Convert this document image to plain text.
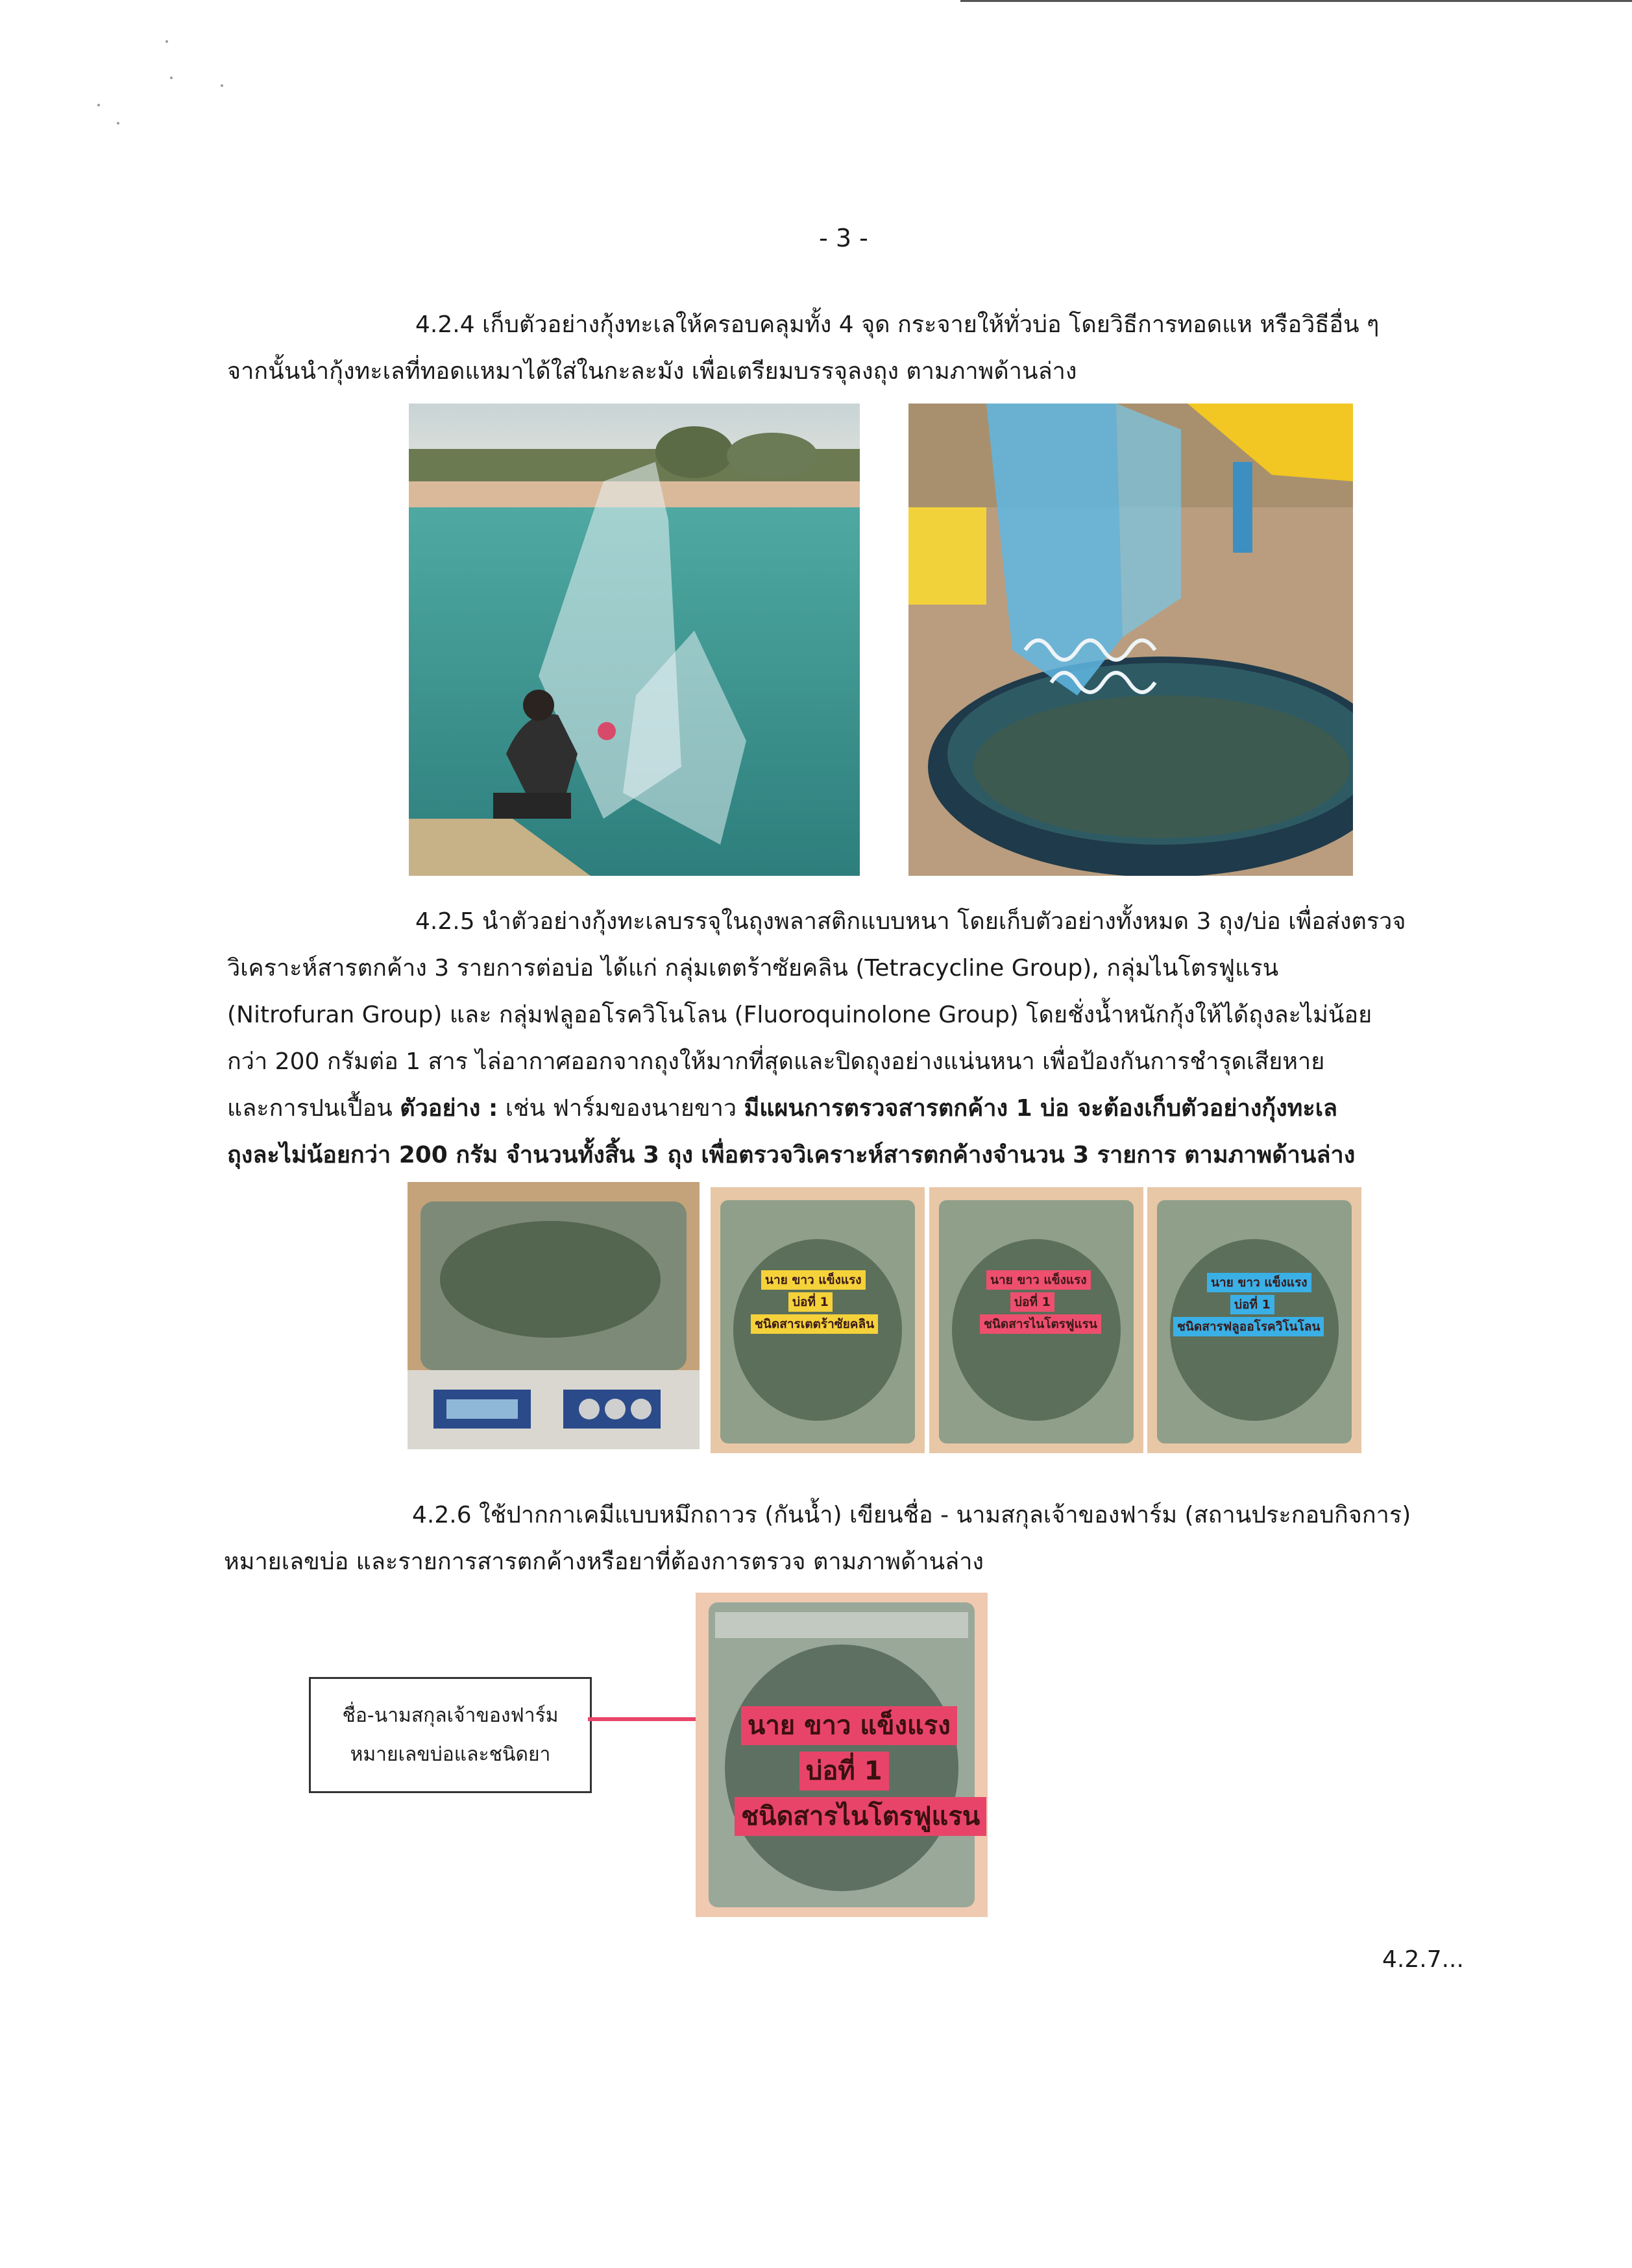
- 3 -

4.2.4 เก็บตัวอย่างกุ้งทะเลให้ครอบคลุมทั้ง 4 จุด กระจายให้ทั่วบ่อ โดยวิธีการทอดแห หรือวิธีอื่น ๆ

จากนั้นนำกุ้งทะเลที่ทอดแหมาได้ใส่ในกะละมัง เพื่อเตรียมบรรจุลงถุง ตามภาพด้านล่าง

4.2.5 นำตัวอย่างกุ้งทะเลบรรจุในถุงพลาสติกแบบหนา โดยเก็บตัวอย่างทั้งหมด 3 ถุง/บ่อ เพื่อส่งตรวจ

วิเคราะห์สารตกค้าง 3 รายการต่อบ่อ ได้แก่ กลุ่มเตตร้าซัยคลิน (Tetracycline Group), กลุ่มไนโตรฟูแรน

(Nitrofuran Group) และ กลุ่มฟลูออโรควิโนโลน (Fluoroquinolone Group) โดยชั่งน้ำหนักกุ้งให้ได้ถุงละไม่น้อย

กว่า 200 กรัมต่อ 1 สาร ไล่อากาศออกจากถุงให้มากที่สุดและปิดถุงอย่างแน่นหนา เพื่อป้องกันการชำรุดเสียหาย

และการปนเปื้อน ตัวอย่าง : เช่น ฟาร์มของนายขาว มีแผนการตรวจสารตกค้าง 1 บ่อ จะต้องเก็บตัวอย่างกุ้งทะเล

ถุงละไม่น้อยกว่า 200 กรัม จำนวนทั้งสิ้น 3 ถุง เพื่อตรวจวิเคราะห์สารตกค้างจำนวน 3 รายการ ตามภาพด้านล่าง

นาย ขาว แข็งแรง
บ่อที่ 1
ชนิดสารเตตร้าซัยคลิน
นาย ขาว แข็งแรง
บ่อที่ 1
ชนิดสารไนโตรฟูแรน
นาย ขาว แข็งแรง
บ่อที่ 1
ชนิดสารฟลูออโรควิโนโลน

4.2.6 ใช้ปากกาเคมีแบบหมึกถาวร (กันน้ำ) เขียนชื่อ - นามสกุลเจ้าของฟาร์ม (สถานประกอบกิจการ)

หมายเลขบ่อ และรายการสารตกค้างหรือยาที่ต้องการตรวจ ตามภาพด้านล่าง

ชื่อ-นามสกุลเจ้าของฟาร์ม
หมายเลขบ่อและชนิดยา
นาย ขาว แข็งแรง
บ่อที่ 1
ชนิดสารไนโตรฟูแรน
4.2.7...
